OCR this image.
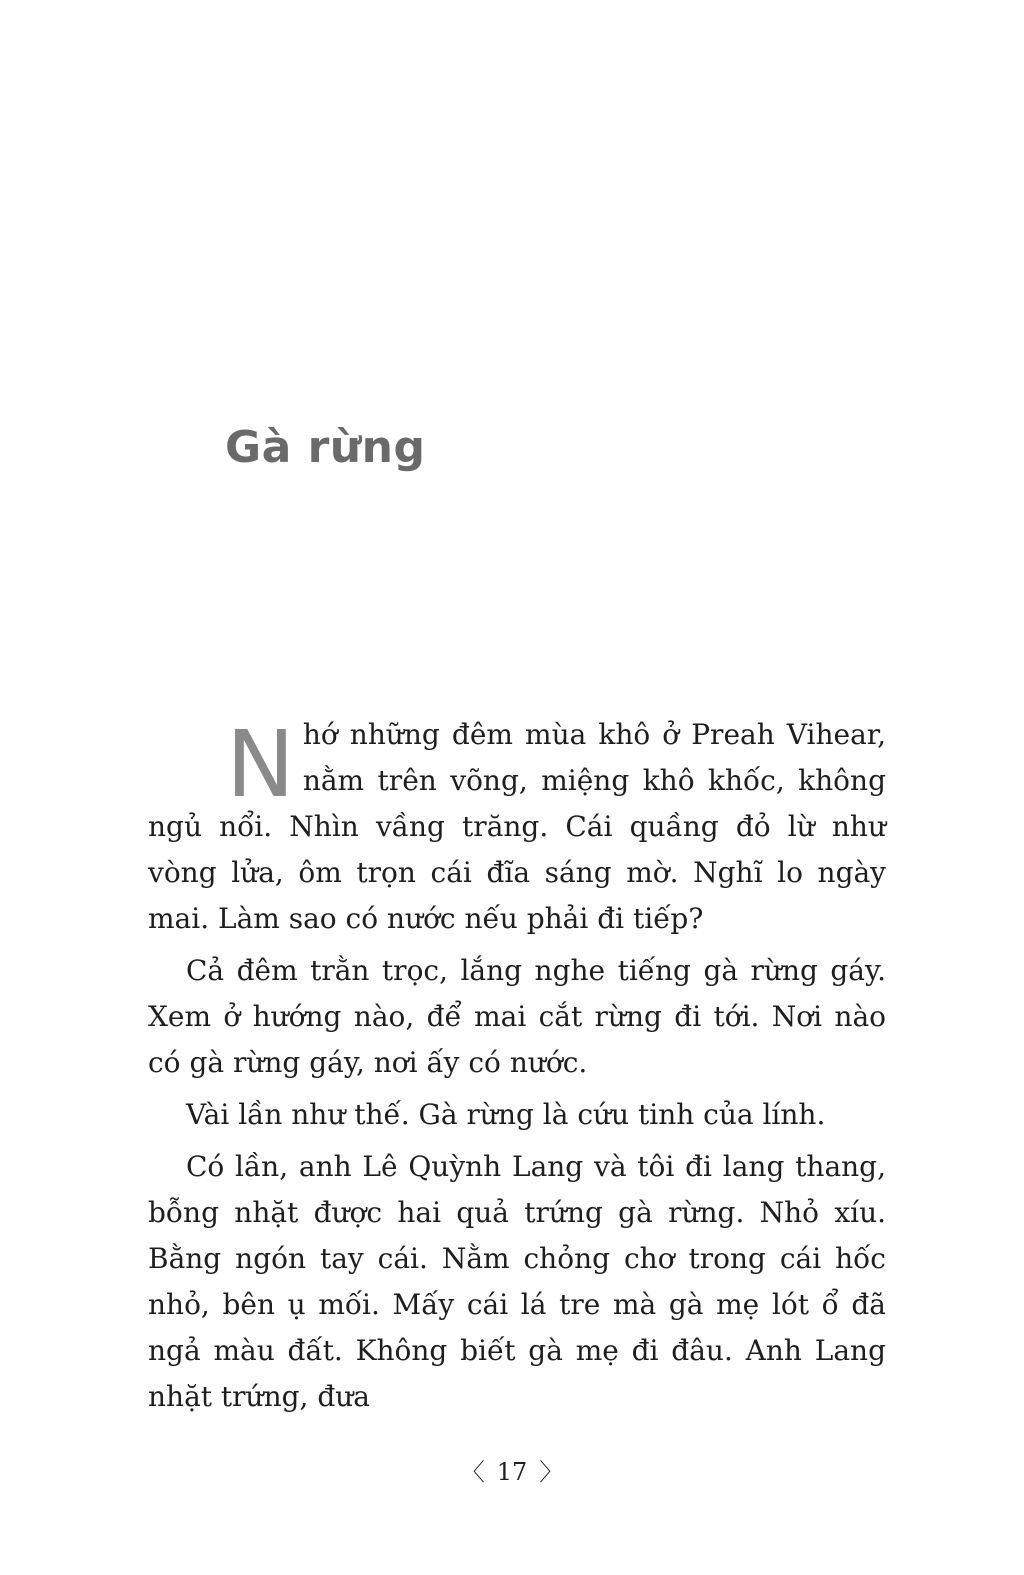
Gà rừng

Nhớ những đêm mùa khô ở Preah Vihear, nằm trên võng, miệng khô khốc, không ngủ nổi. Nhìn vầng trăng. Cái quầng đỏ lừ như vòng lửa, ôm trọn cái đĩa sáng mờ. Nghĩ lo ngày mai. Làm sao có nước nếu phải đi tiếp?

Cả đêm trằn trọc, lắng nghe tiếng gà rừng gáy. Xem ở hướng nào, để mai cắt rừng đi tới. Nơi nào có gà rừng gáy, nơi ấy có nước.

Vài lần như thế. Gà rừng là cứu tinh của lính.

Có lần, anh Lê Quỳnh Lang và tôi đi lang thang, bỗng nhặt được hai quả trứng gà rừng. Nhỏ xíu. Bằng ngón tay cái. Nằm chỏng chơ trong cái hốc nhỏ, bên ụ mối. Mấy cái lá tre mà gà mẹ lót ổ đã ngả màu đất. Không biết gà mẹ đi đâu. Anh Lang nhặt trứng, đưa

〈 17 〉
